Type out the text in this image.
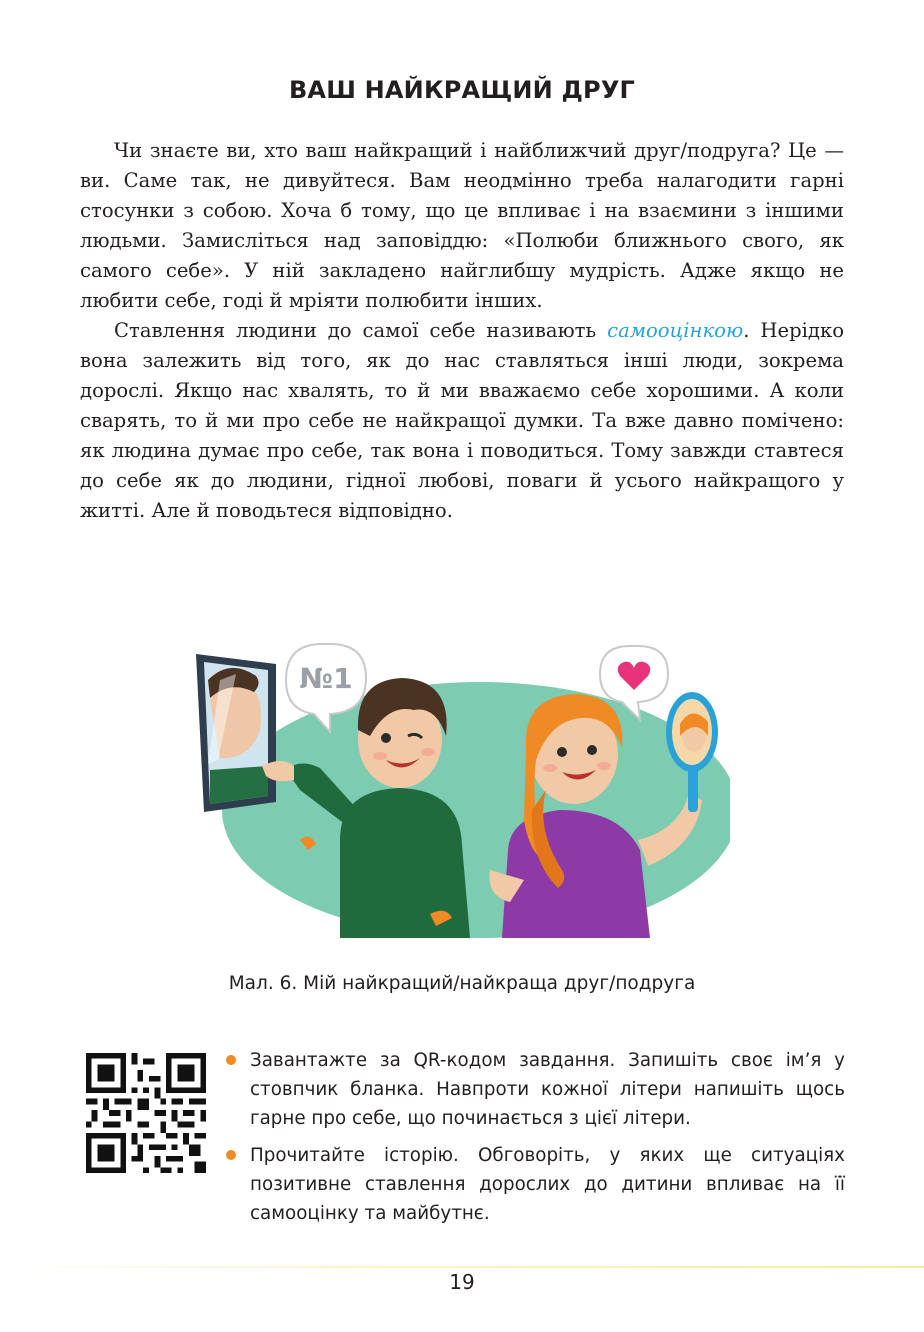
ВАШ НАЙКРАЩИЙ ДРУГ

Чи знаєте ви, хто ваш найкращий і найближчий друг/подруга? Це — ви. Саме так, не дивуйтеся. Вам неодмінно треба налагодити гарні стосунки з собою. Хоча б тому, що це впливає і на взаємини з іншими людьми. Замисліться над заповіддю: «Полюби ближнього свого, як самого себе». У ній закладено найглибшу мудрість. Адже якщо не любити себе, годі й мріяти полюбити інших.

Ставлення людини до самої себе називають самооцінкою. Нерідко вона залежить від того, як до нас ставляться інші люди, зокрема дорослі. Якщо нас хвалять, то й ми вважаємо себе хорошими. А коли сварять, то й ми про себе не найкращої думки. Та вже давно помічено: як людина думає про себе, так вона і поводиться. Тому завжди ставтеся до себе як до людини, гідної любові, поваги й усього найкращого у житті. Але й поводьтеся відповідно.

№1
Мал. 6. Мій найкращий/найкраща друг/подруга
Завантажте за QR-кодом завдання. Запишіть своє ім’я у стовпчик бланка. Навпроти кожної літери напишіть щось гарне про себе, що починається з цієї літери.
Прочитайте історію. Обговоріть, у яких ще ситуаціях позитивне ставлення дорослих до дитини впливає на її самооцінку та майбутнє.
19
